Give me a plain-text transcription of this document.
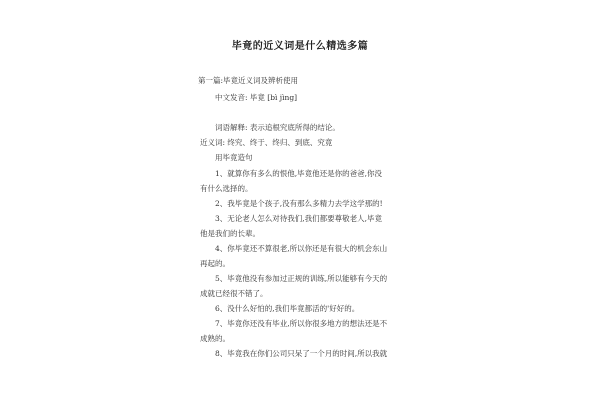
毕竟的近义词是什么精选多篇
第一篇:毕竟近义词及辨析使用
中文发音: 毕竟 [bì jìng]
词语解释: 表示追根究底所得的结论。
近义词: 终究、终于、终归、到底、究竟
用毕竟造句
1、就算你有多么的恨他,毕竟他还是你的爸爸,你没
有什么选择的。
2、我毕竟是个孩子,没有那么多精力去学这学那的!
3、无论老人怎么对待我们,我们都要尊敬老人,毕竟
他是我们的长辈。
4、你毕竟还不算很老,所以你还是有很大的机会东山
再起的。
5、毕竟他没有参加过正规的训练,所以能够有今天的
成就已经很不错了。
6、没什么好怕的,我们毕竟都活的'好好的。
7、毕竟你还没有毕业,所以你很多地方的想法还是不
成熟的。
8、毕竟我在你们公司只呆了一个月的时间,所以我就
